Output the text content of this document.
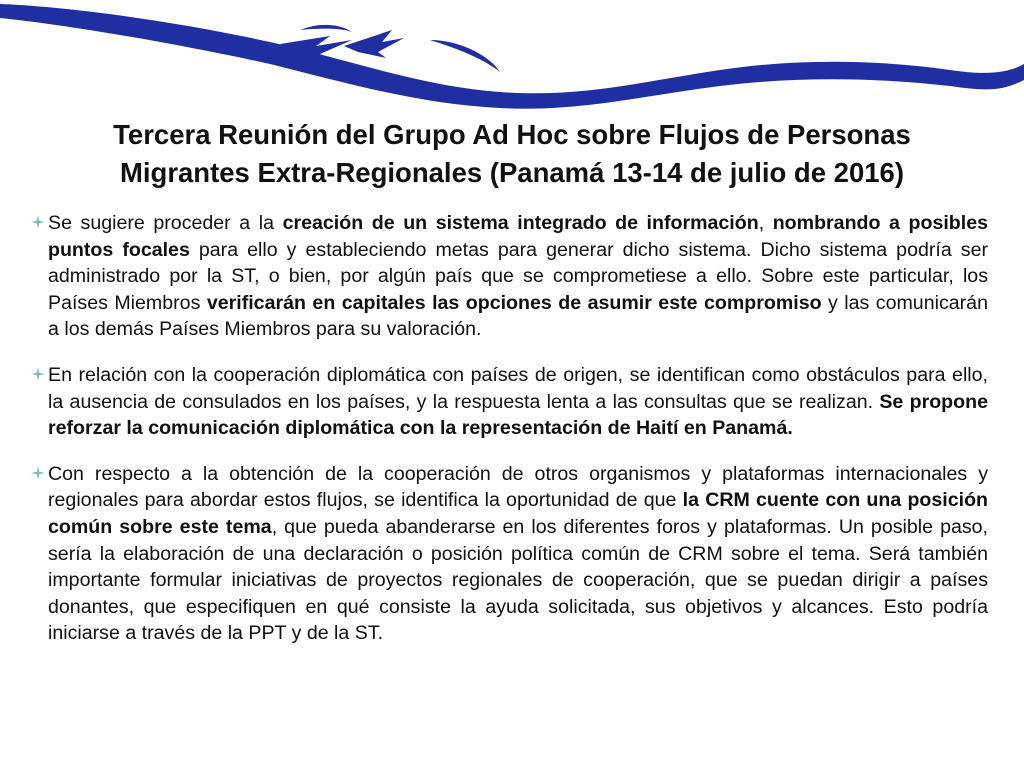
Tercera Reunión del Grupo Ad Hoc sobre Flujos de Personas
Migrantes Extra-Regionales (Panamá 13-14 de julio de 2016)
Se sugiere proceder a la creación de un sistema integrado de información, nombrando a posibles puntos focales para ello y estableciendo metas para generar dicho sistema. Dicho sistema podría ser administrado por la ST, o bien, por algún país que se comprometiese a ello. Sobre este particular, los Países Miembros verificarán en capitales las opciones de asumir este compromiso y las comunicarán a los demás Países Miembros para su valoración.
En relación con la cooperación diplomática con países de origen, se identifican como obstáculos para ello, la ausencia de consulados en los países, y la respuesta lenta a las consultas que se realizan. Se propone reforzar la comunicación diplomática con la representación de Haití en Panamá.
Con respecto a la obtención de la cooperación de otros organismos y plataformas internacionales y regionales para abordar estos flujos, se identifica la oportunidad de que la CRM cuente con una posición común sobre este tema, que pueda abanderarse en los diferentes foros y plataformas. Un posible paso, sería la elaboración de una declaración o posición política común de CRM sobre el tema. Será también importante formular iniciativas de proyectos regionales de cooperación, que se puedan dirigir a países donantes, que especifiquen en qué consiste la ayuda solicitada, sus objetivos y alcances. Esto podría iniciarse a través de la PPT y de la ST.
